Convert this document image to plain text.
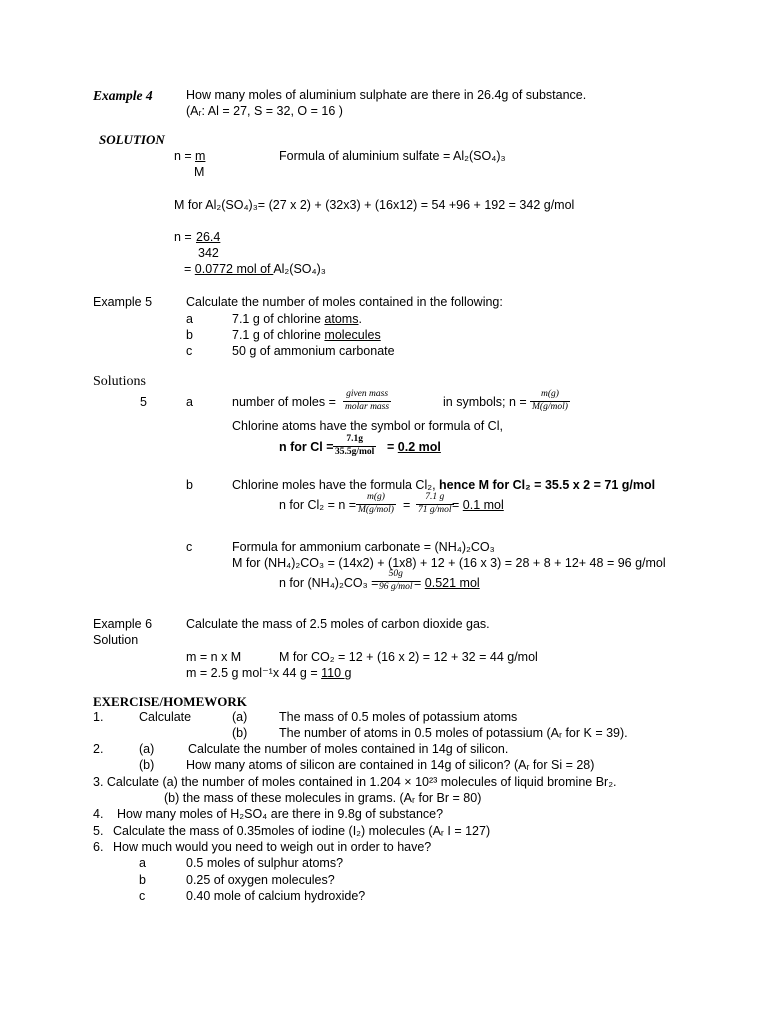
Example 4	How many moles of aluminium sulphate are there in 26.4g of substance.
(Aᵣ: Al = 27, S = 32, O = 16 )
SOLUTION
n = m
M
Formula of aluminium sulfate = Al₂(SO₄)₃
M for Al₂(SO₄)₃= (27 x 2) + (32x3) + (16x12) = 54 +96 + 192 = 342 g/mol
n = 26.4
342
= 0.0772 mol of Al₂(SO₄)₃
Example 5	Calculate the number of moles contained in the following:
a	7.1 g of chlorine atoms.
b	7.1 g of chlorine molecules
c	50 g of ammonium carbonate
Solutions
5	a	number of moles =
given mass
molar mass	in symbols; n =
m(g)
M(g/mol)
Chlorine atoms have the symbol or formula of Cl,
n for Cl =
7.1g
35.5g/mol = 0.2 mol
b	Chlorine moles have the formula Cl₂, hence M for Cl₂ = 35.5 x 2 = 71 g/mol
n for Cl₂ = n =
m(g)
M(g/mol) =
7.1 g
71 g/mol = 0.1 mol
c	Formula for ammonium carbonate = (NH₄)₂CO₃
M for (NH₄)₂CO₃ = (14x2) + (1x8) + 12 + (16 x 3) = 28 + 8 + 12+ 48 = 96 g/mol
n for (NH₄)₂CO₃ =
50g
96 g/mol = 0.521 mol
Example 6	Calculate the mass of 2.5 moles of carbon dioxide gas.
Solution
m = n x M	M for CO₂ = 12 + (16 x 2) = 12 + 32 = 44 g/mol
m = 2.5 g mol⁻¹x 44 g = 110 g
EXERCISE/HOMEWORK
1.	Calculate	(a)	The mass of 0.5 moles of potassium atoms
(b)	The number of atoms in 0.5 moles of potassium (Aᵣ for K = 39).
2.	(a)	Calculate the number of moles contained in 14g of silicon.
(b)	How many atoms of silicon are contained in 14g of silicon? (Aᵣ for Si = 28)
3. Calculate (a) the number of moles contained in 1.204 × 10²³ molecules of liquid bromine Br₂.
(b) the mass of these molecules in grams. (Aᵣ for Br = 80)
4. How many moles of H₂SO₄ are there in 9.8g of substance?
5. Calculate the mass of 0.35moles of iodine (I₂) molecules (Aᵣ I = 127)
6. How much would you need to weigh out in order to have?
a	0.5 moles of sulphur atoms?
b	0.25 of oxygen molecules?
c	0.40 mole of calcium hydroxide?
